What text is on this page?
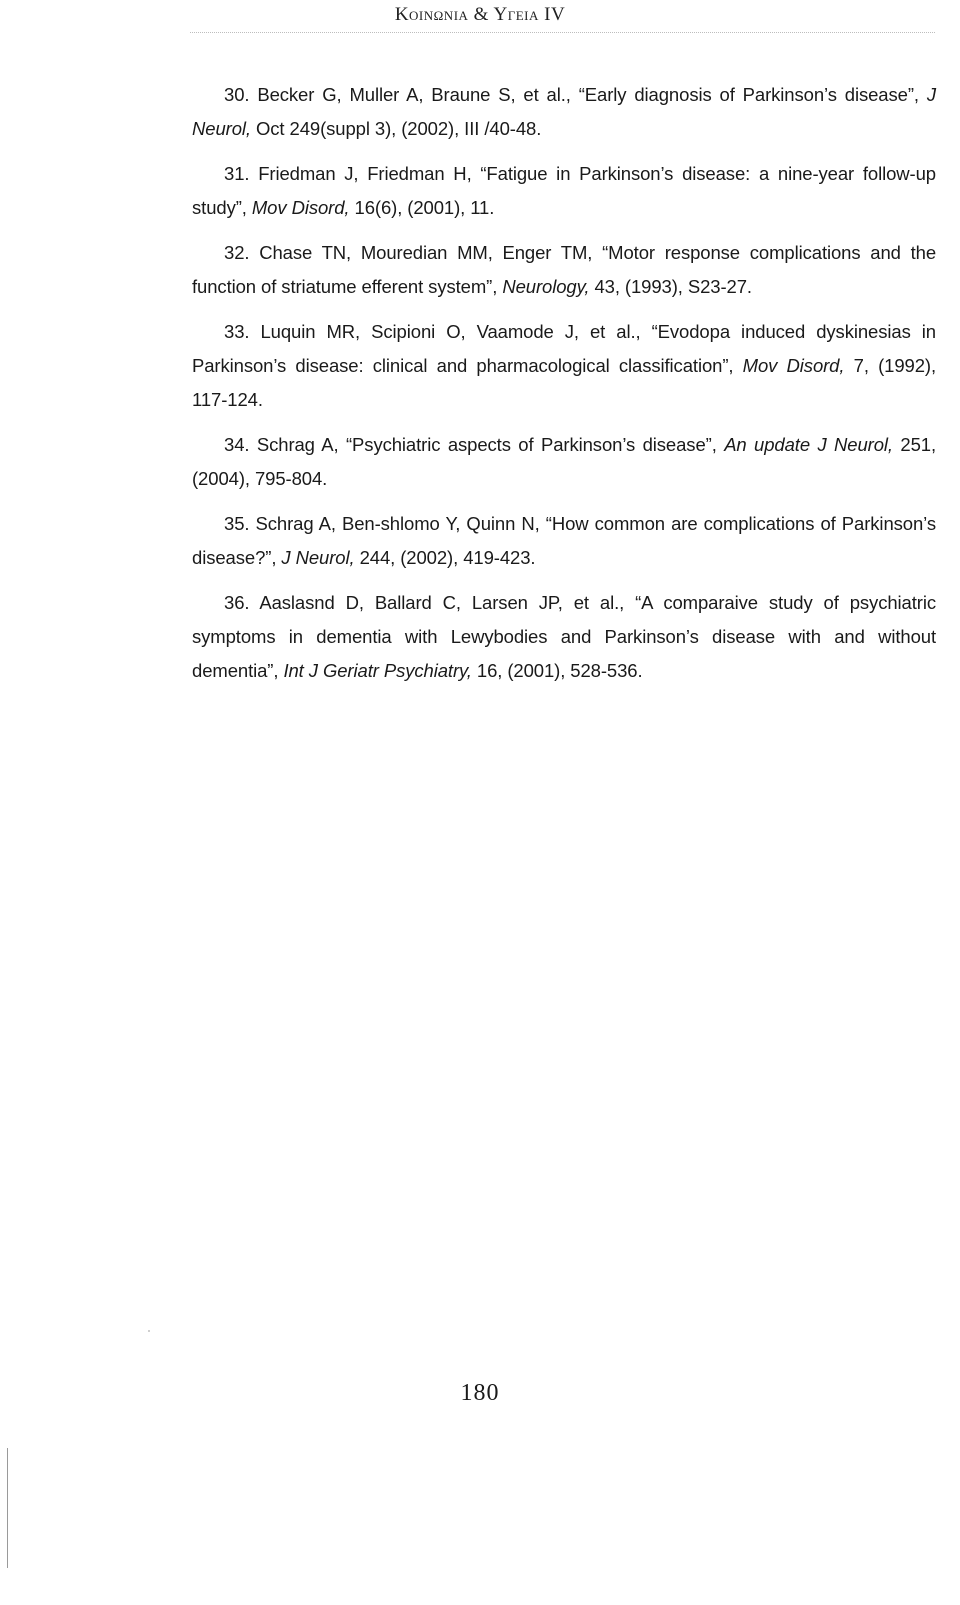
Koinωnia & Yγeia IV

30. Becker G, Muller A, Braune S, et al., “Early diagnosis of Parkinson’s disease”, J Neurol, Oct 249(suppl 3), (2002), III /40-48.

31. Friedman J, Friedman H, “Fatigue in Parkinson’s disease: a nine-year follow-up study”, Mov Disord, 16(6), (2001), 11.

32. Chase TN, Mouredian MM, Enger TM, “Motor response complications and the function of striatume efferent system”, Neurology, 43, (1993), S23-27.

33. Luquin MR, Scipioni O, Vaamode J, et al., “Evodopa induced dyskinesias in Parkinson’s disease: clinical and pharmacological classification”, Mov Disord, 7, (1992), 117-124.

34. Schrag A, “Psychiatric aspects of Parkinson’s disease”, An update J Neurol, 251, (2004), 795-804.

35. Schrag A, Ben-shlomo Y, Quinn N, “How common are complications of Parkinson’s disease?”, J Neurol, 244, (2002), 419-423.

36. Aaslasnd D, Ballard C, Larsen JP, et al., “A comparaive study of psychiatric symptoms in dementia with Lewybodies and Parkinson’s disease with and without dementia”, Int J Geriatr Psychiatry, 16, (2001), 528-536.

180
